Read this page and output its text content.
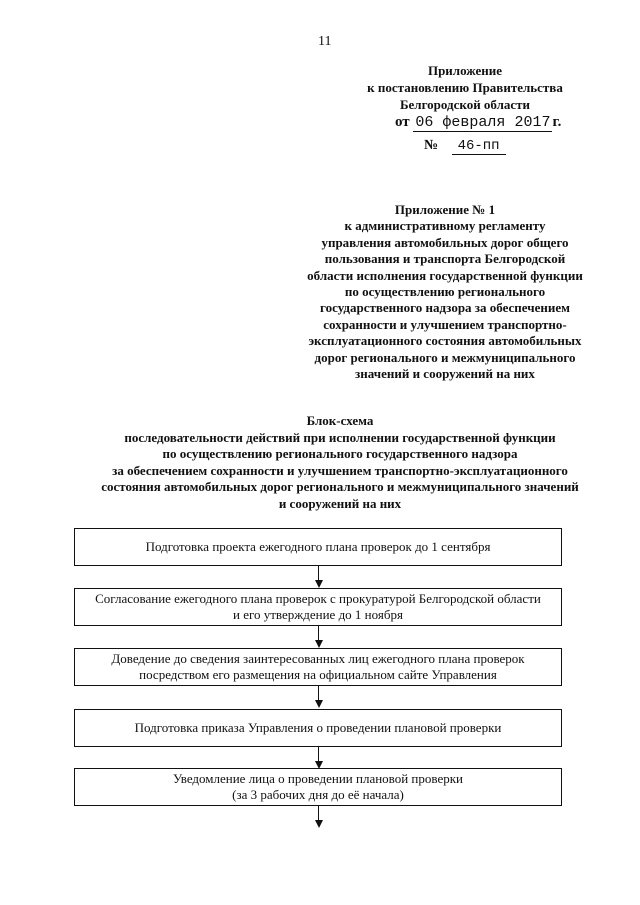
11
Приложение
к постановлению Правительства
Белгородской области
от 06 февраля 2017 г.
№ 46-пп
Приложение № 1
к административному регламенту
управления автомобильных дорог общего
пользования и транспорта Белгородской
области исполнения государственной функции
по осуществлению регионального
государственного надзора за обеспечением
сохранности и улучшением транспортно-
эксплуатационного состояния автомобильных
дорог регионального и межмуниципального
значений и сооружений на них
Блок-схема
последовательности действий при исполнении государственной функции
по осуществлению регионального государственного надзора
за обеспечением сохранности и улучшением транспортно-эксплуатационного
состояния автомобильных дорог регионального и межмуниципального значений
и сооружений на них
Подготовка проекта ежегодного плана проверок до 1 сентября
Согласование ежегодного плана проверок с прокуратурой Белгородской области
и его утверждение до 1 ноября
Доведение до сведения заинтересованных лиц ежегодного плана проверок
посредством его размещения на официальном сайте Управления
Подготовка приказа Управления о проведении плановой проверки
Уведомление лица о проведении плановой проверки
(за 3 рабочих дня до её начала)
